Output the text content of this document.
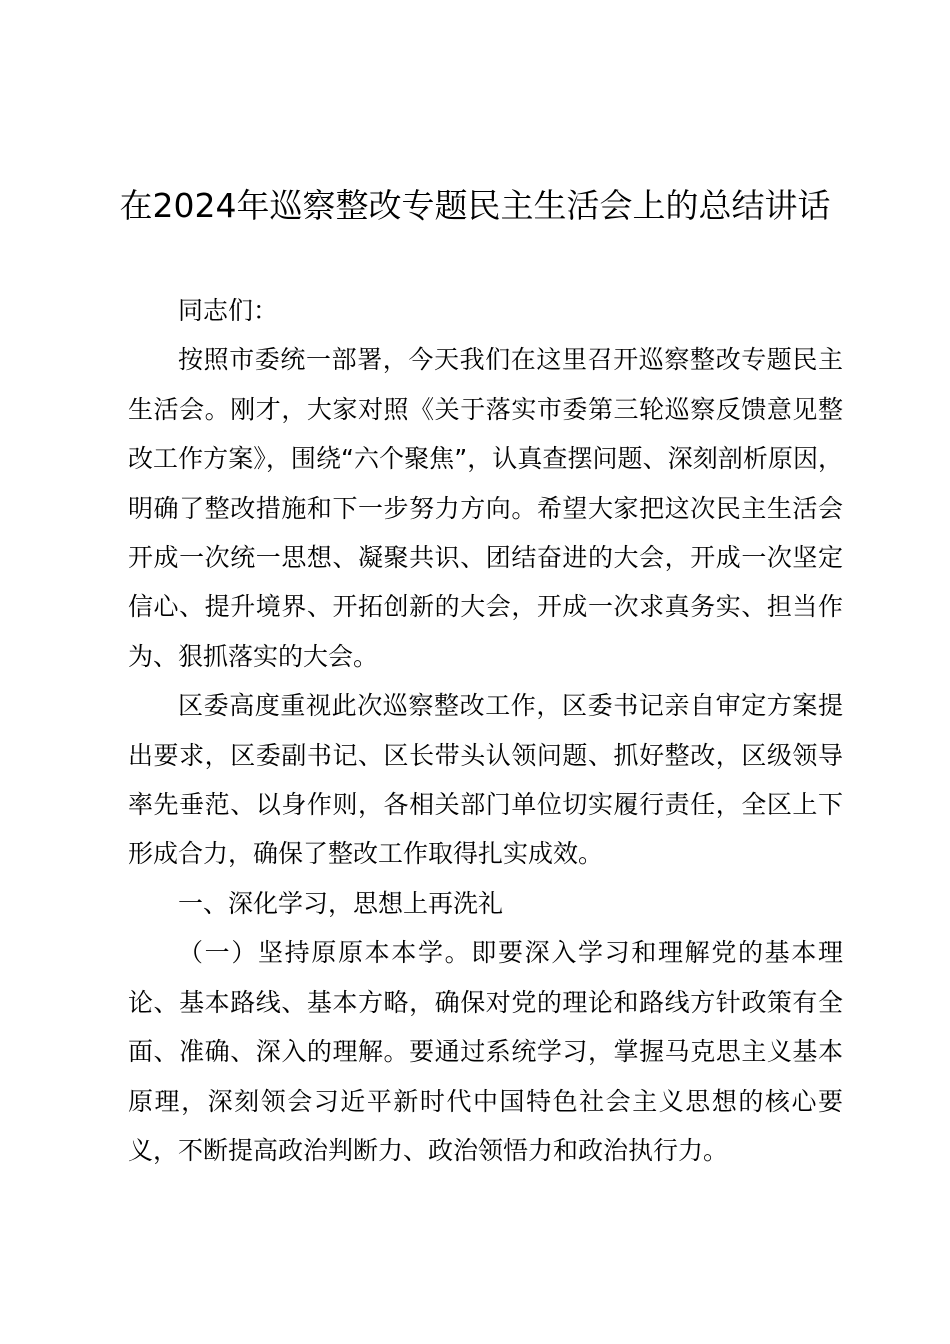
在2024年巡察整改专题民主生活会上的总结讲话

同志们：

按照市委统一部署，今天我们在这里召开巡察整改专题民主生活会。刚才，大家对照《关于落实市委第三轮巡察反馈意见整改工作方案》，围绕“六个聚焦”，认真查摆问题、深刻剖析原因，明确了整改措施和下一步努力方向。希望大家把这次民主生活会开成一次统一思想、凝聚共识、团结奋进的大会，开成一次坚定信心、提升境界、开拓创新的大会，开成一次求真务实、担当作为、狠抓落实的大会。

区委高度重视此次巡察整改工作，区委书记亲自审定方案提出要求，区委副书记、区长带头认领问题、抓好整改，区级领导率先垂范、以身作则，各相关部门单位切实履行责任，全区上下形成合力，确保了整改工作取得扎实成效。

一、深化学习，思想上再洗礼

（一）坚持原原本本学。即要深入学习和理解党的基本理论、基本路线、基本方略，确保对党的理论和路线方针政策有全面、准确、深入的理解。要通过系统学习，掌握马克思主义基本原理，深刻领会习近平新时代中国特色社会主义思想的核心要义，不断提高政治判断力、政治领悟力和政治执行力。
